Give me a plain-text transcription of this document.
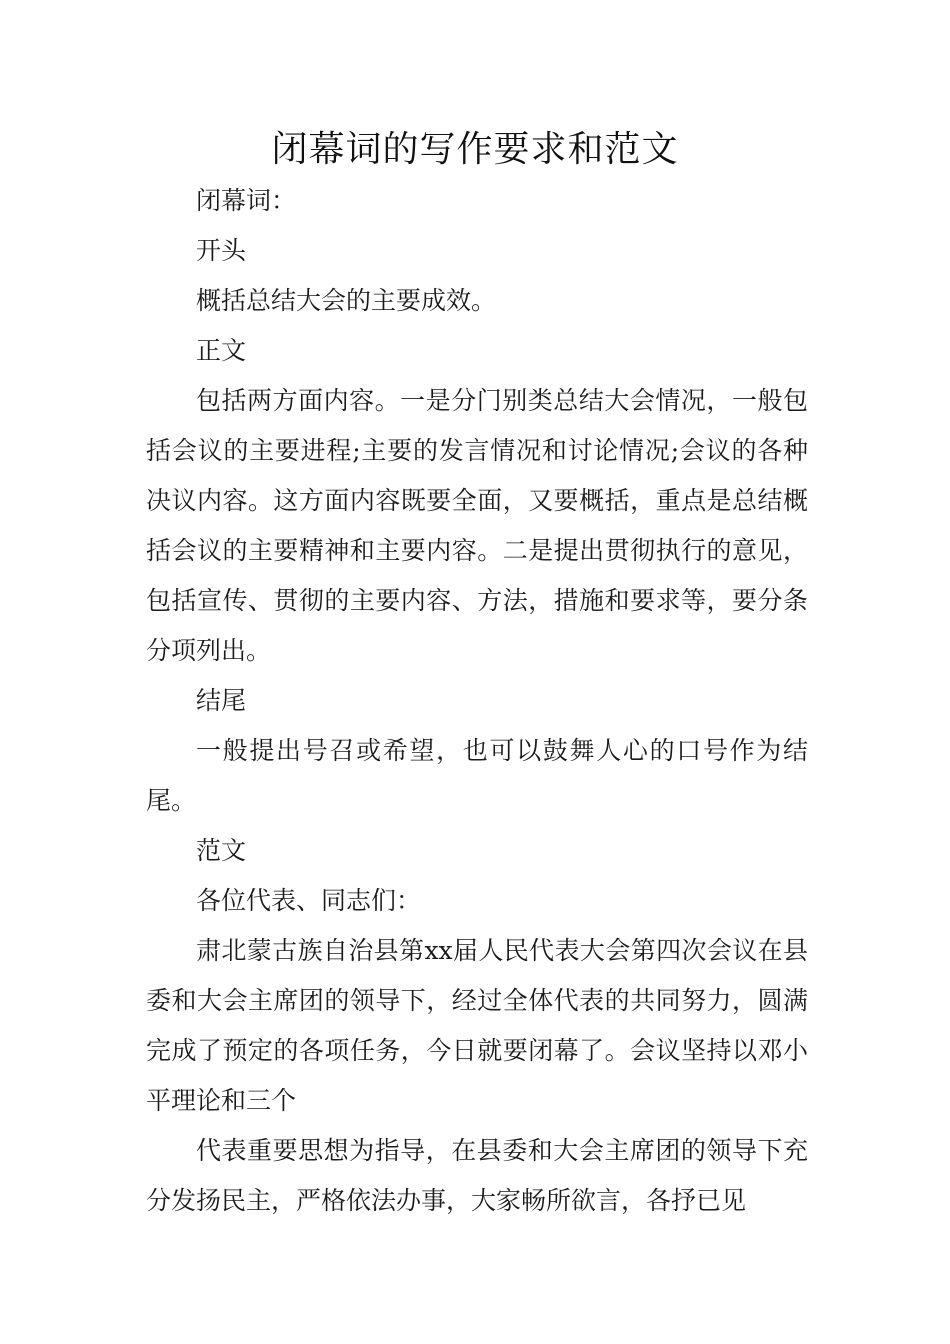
闭幕词的写作要求和范文

闭幕词：

开头

概括总结大会的主要成效。

正文

包括两方面内容。一是分门别类总结大会情况，一般包括会议的主要进程;主要的发言情况和讨论情况;会议的各种决议内容。这方面内容既要全面，又要概括，重点是总结概括会议的主要精神和主要内容。二是提出贯彻执行的意见，包括宣传、贯彻的主要内容、方法，措施和要求等，要分条分项列出。

结尾

一般提出号召或希望，也可以鼓舞人心的口号作为结尾。

范文

各位代表、同志们：

肃北蒙古族自治县第xx届人民代表大会第四次会议在县委和大会主席团的领导下，经过全体代表的共同努力，圆满完成了预定的各项任务，今日就要闭幕了。会议坚持以邓小平理论和三个

代表重要思想为指导，在县委和大会主席团的领导下充分发扬民主，严格依法办事，大家畅所欲言，各抒已见
